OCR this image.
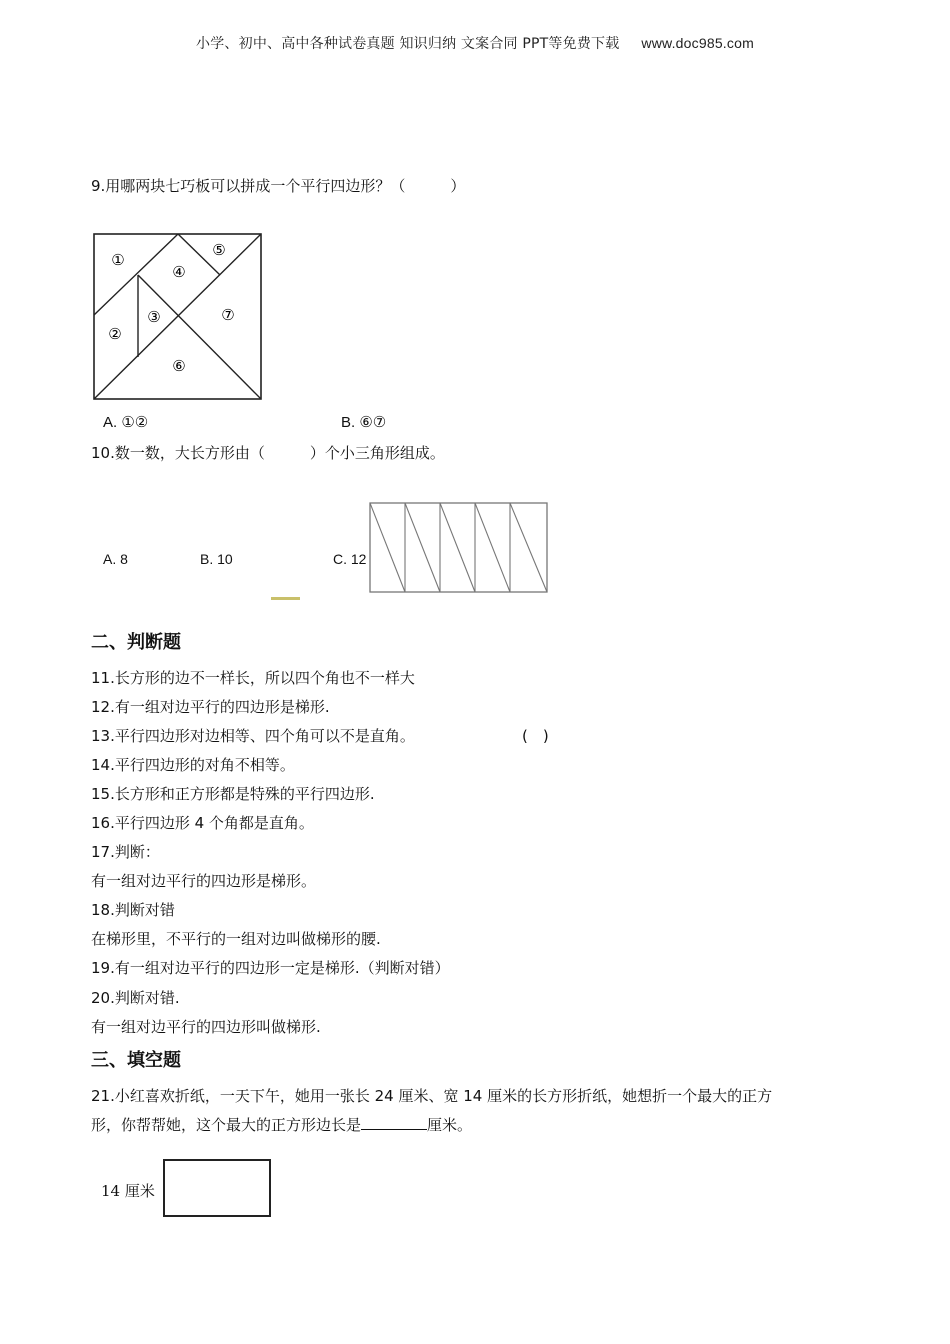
小学、初中、高中各种试卷真题 知识归纳 文案合同 PPT等免费下载 www.doc985.com
9.用哪两块七巧板可以拼成一个平行四边形？（　　　）
①
②
③
④
⑤
⑥
⑦
A. ①②	B. ⑥⑦
10.数一数，大长方形由（　　　）个小三角形组成。
A. 8	B. 10	C. 12
二、判断题
11.长方形的边不一样长，所以四个角也不一样大
12.有一组对边平行的四边形是梯形.
13.平行四边形对边相等、四个角可以不是直角。	(　)
14.平行四边形的对角不相等。
15.长方形和正方形都是特殊的平行四边形.
16.平行四边形 4 个角都是直角。
17.判断：
有一组对边平行的四边形是梯形。
18.判断对错
在梯形里，不平行的一组对边叫做梯形的腰.
19.有一组对边平行的四边形一定是梯形.（判断对错）
20.判断对错.
有一组对边平行的四边形叫做梯形.
三、填空题
21.小红喜欢折纸，一天下午，她用一张长 24 厘米、宽 14 厘米的长方形折纸，她想折一个最大的正方
形，你帮帮她，这个最大的正方形边长是	厘米。
14 厘米
